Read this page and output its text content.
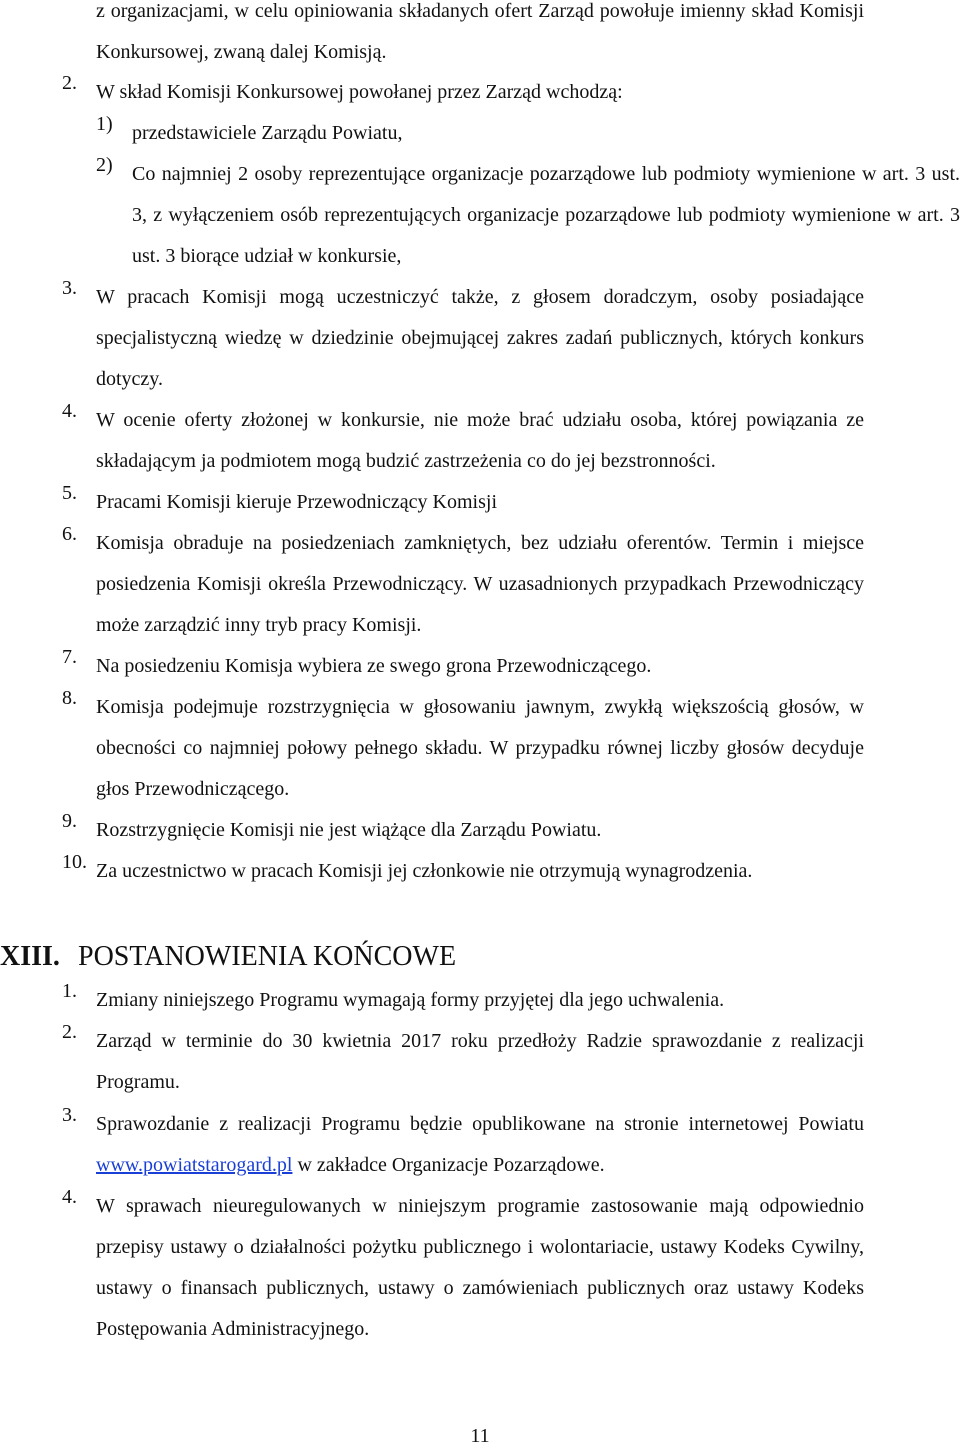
z organizacjami, w celu opiniowania składanych ofert Zarząd powołuje imienny skład Komisji Konkursowej, zwaną dalej Komisją.
2. W skład Komisji Konkursowej powołanej przez Zarząd wchodzą:
1) przedstawiciele Zarządu Powiatu,
2) Co najmniej 2 osoby reprezentujące organizacje pozarządowe lub podmioty wymienione w art. 3 ust. 3, z wyłączeniem osób reprezentujących organizacje pozarządowe lub podmioty wymienione w art. 3 ust. 3 biorące udział w konkursie,
3. W pracach Komisji mogą uczestniczyć także, z głosem doradczym, osoby posiadające specjalistyczną wiedzę w dziedzinie obejmującej zakres zadań publicznych, których konkurs dotyczy.
4. W ocenie oferty złożonej w konkursie, nie może brać udziału osoba, której powiązania ze składającym ja podmiotem mogą budzić zastrzeżenia co do jej bezstronności.
5. Pracami Komisji kieruje Przewodniczący Komisji
6. Komisja obraduje na posiedzeniach zamkniętych, bez udziału oferentów. Termin i miejsce posiedzenia Komisji określa Przewodniczący. W uzasadnionych przypadkach Przewodniczący może zarządzić inny tryb pracy Komisji.
7. Na posiedzeniu Komisja wybiera ze swego grona Przewodniczącego.
8. Komisja podejmuje rozstrzygnięcia w głosowaniu jawnym, zwykłą większością głosów, w obecności co najmniej połowy pełnego składu. W przypadku równej liczby głosów decyduje głos Przewodniczącego.
9. Rozstrzygnięcie Komisji nie jest wiążące dla Zarządu Powiatu.
10. Za uczestnictwo w pracach Komisji jej członkowie nie otrzymują wynagrodzenia.
XIII. POSTANOWIENIA KOŃCOWE
1. Zmiany niniejszego Programu wymagają formy przyjętej dla jego uchwalenia.
2. Zarząd w terminie do 30 kwietnia 2017 roku przedłoży Radzie sprawozdanie z realizacji Programu.
3. Sprawozdanie z realizacji Programu będzie opublikowane na stronie internetowej Powiatu www.powiatstarogard.pl w zakładce Organizacje Pozarządowe.
4. W sprawach nieuregulowanych w niniejszym programie zastosowanie mają odpowiednio przepisy ustawy o działalności pożytku publicznego i wolontariacie, ustawy Kodeks Cywilny, ustawy o finansach publicznych, ustawy o zamówieniach publicznych oraz ustawy Kodeks Postępowania Administracyjnego.
11
